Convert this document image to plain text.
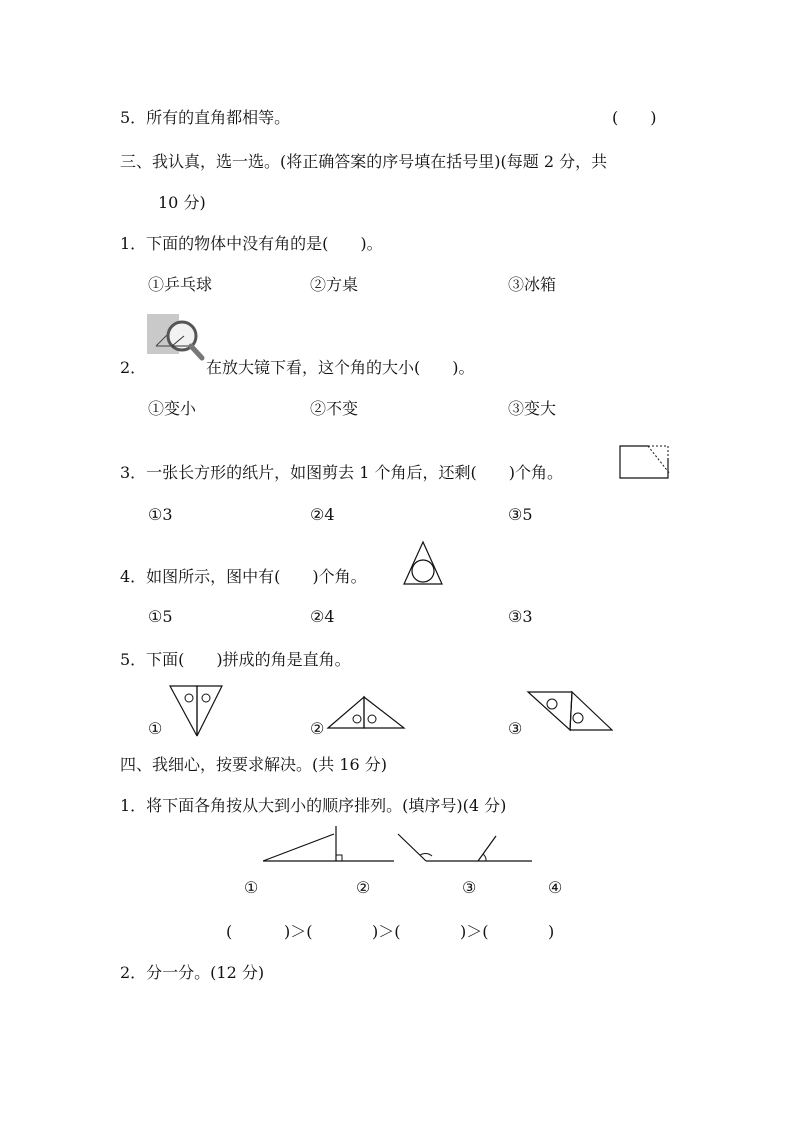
5．所有的直角都相等。	(　　)
三、我认真，选一选。(将正确答案的序号填在括号里)(每题 2 分，共
10 分)
1．下面的物体中没有角的是(　　)。
①乒乓球	②方桌	③冰箱
2．	在放大镜下看，这个角的大小(　　)。
①变小	②不变	③变大
3．一张长方形的纸片，如图剪去 1 个角后，还剩(　　)个角。
①3	②4	③5
4．如图所示，图中有(　　)个角。
①5	②4	③3
5．下面(　　)拼成的角是直角。
①	②	③
四、我细心，按要求解决。(共 16 分)
1．将下面各角按从大到小的顺序排列。(填序号)(4 分)
①	②	③	④
(	)＞(	)＞(	)＞(	)
2．分一分。(12 分)
